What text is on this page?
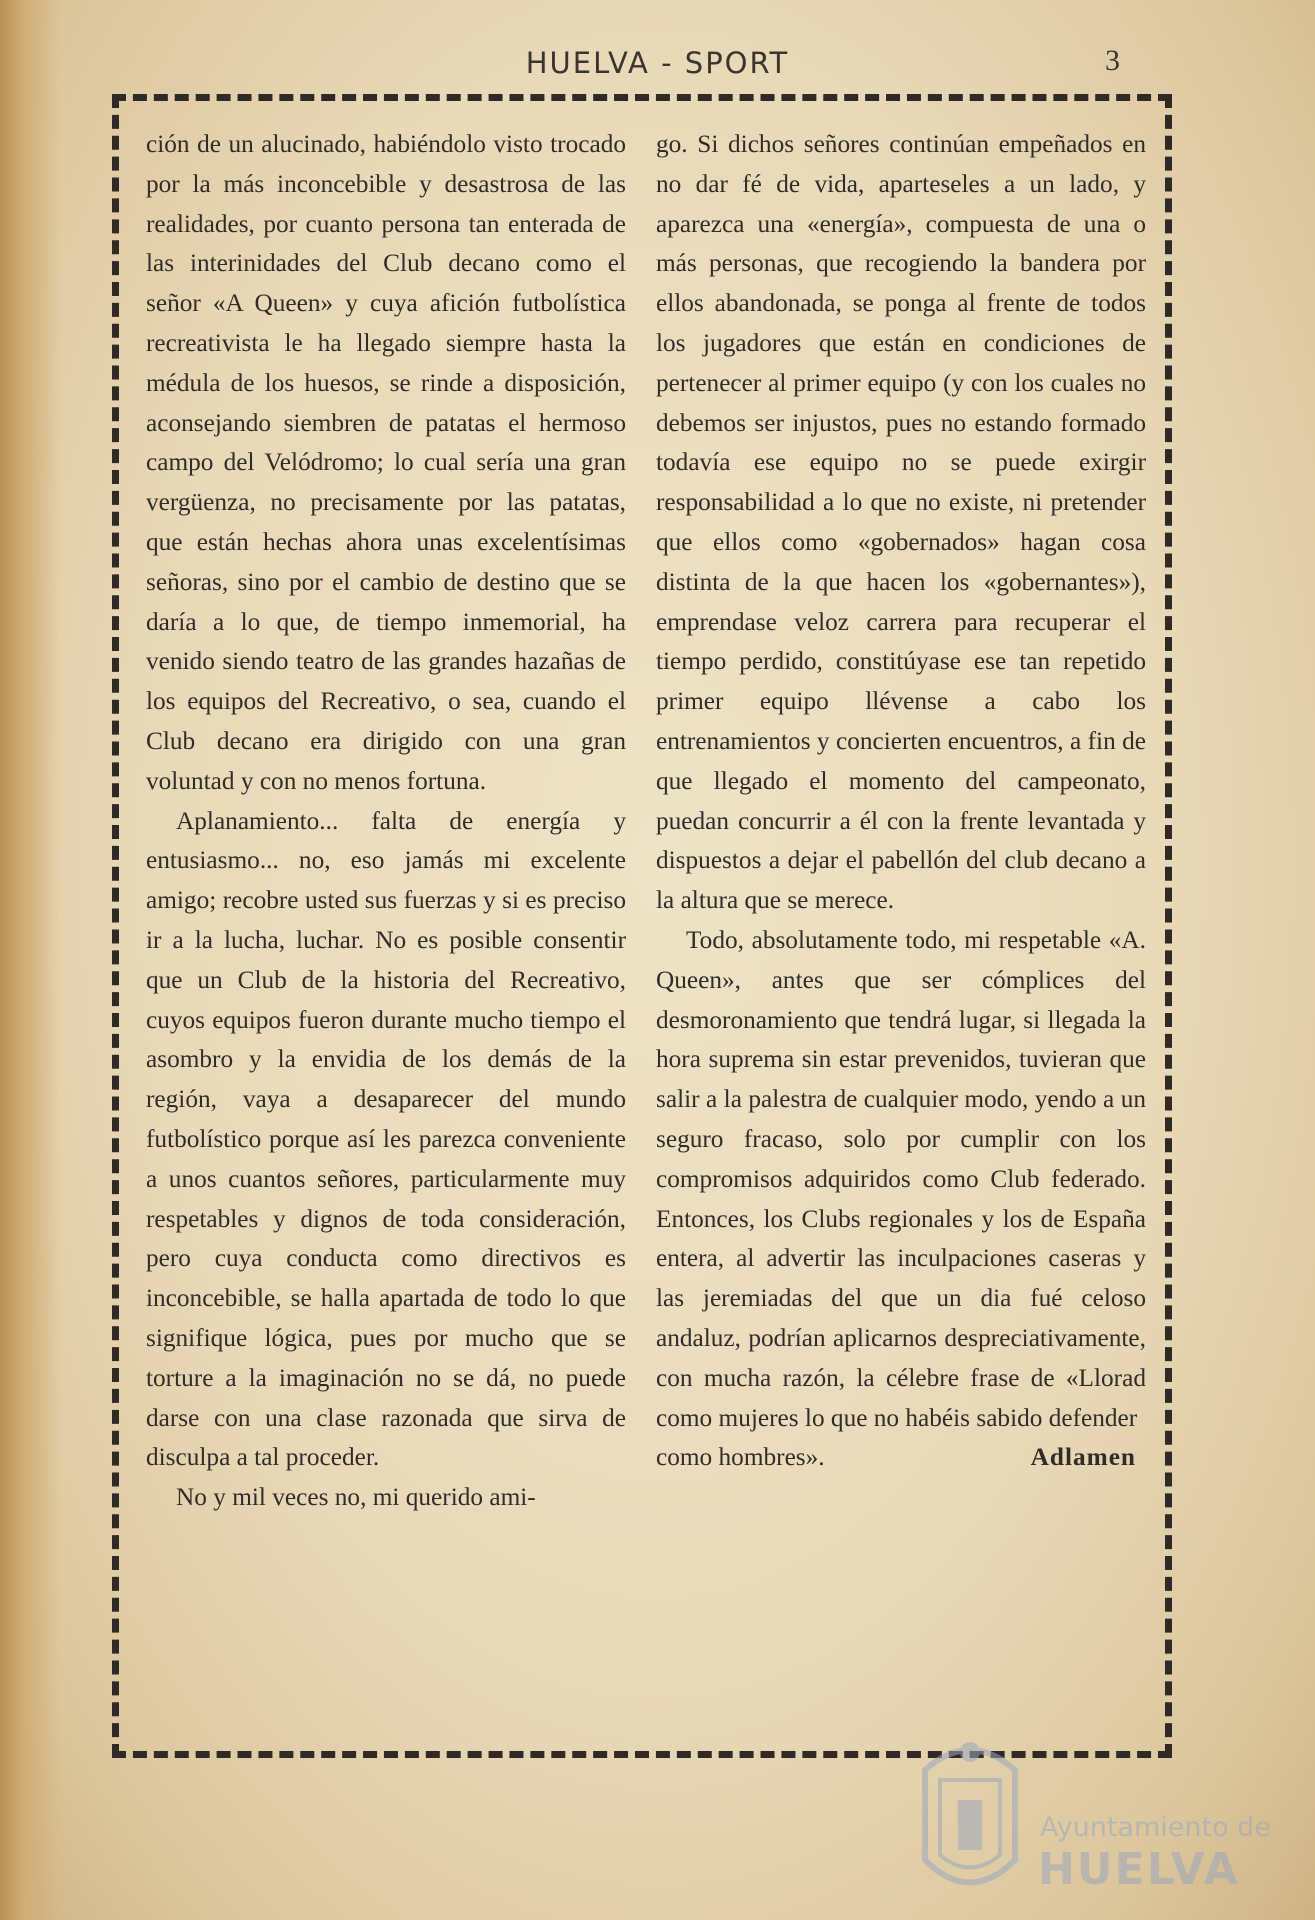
HUELVA - SPORT	3

ción de un alucinado, habiéndolo visto trocado por la más inconcebible y desastrosa de las realidades, por cuanto persona tan enterada de las interinidades del Club decano como el señor «A Queen» y cuya afición futbolística recreativista le ha llegado siempre hasta la médula de los huesos, se rinde a disposición, aconsejando siembren de patatas el hermoso campo del Velódromo; lo cual sería una gran vergüenza, no precisamente por las patatas, que están hechas ahora unas excelentísimas señoras, sino por el cambio de destino que se daría a lo que, de tiempo inmemorial, ha venido siendo teatro de las grandes hazañas de los equipos del Recreativo, o sea, cuando el Club decano era dirigido con una gran voluntad y con no menos fortuna.

Aplanamiento... falta de energía y entusiasmo... no, eso jamás mi excelente amigo; recobre usted sus fuerzas y si es preciso ir a la lucha, luchar. No es posible consentir que un Club de la historia del Recreativo, cuyos equipos fueron durante mucho tiempo el asombro y la envidia de los demás de la región, vaya a desaparecer del mundo futbolístico porque así les parezca conveniente a unos cuantos señores, particularmente muy respetables y dignos de toda consideración, pero cuya conducta como directivos es inconcebible, se halla apartada de todo lo que signifique lógica, pues por mucho que se torture a la imaginación no se dá, no puede darse con una clase razonada que sirva de disculpa a tal proceder.

No y mil veces no, mi querido ami-

go. Si dichos señores continúan empeñados en no dar fé de vida, aparteseles a un lado, y aparezca una «energía», compuesta de una o más personas, que recogiendo la bandera por ellos abandonada, se ponga al frente de todos los jugadores que están en condiciones de pertenecer al primer equipo (y con los cuales no debemos ser injustos, pues no estando formado todavía ese equipo no se puede exirgir responsabilidad a lo que no existe, ni pretender que ellos como «gobernados» hagan cosa distinta de la que hacen los «gobernantes»), emprendase veloz carrera para recuperar el tiempo perdido, constitúyase ese tan repetido primer equipo llévense a cabo los entrenamientos y concierten encuentros, a fin de que llegado el momento del campeonato, puedan concurrir a él con la frente levantada y dispuestos a dejar el pabellón del club decano a la altura que se merece.

Todo, absolutamente todo, mi respetable «A. Queen», antes que ser cómplices del desmoronamiento que tendrá lugar, si llegada la hora suprema sin estar prevenidos, tuvieran que salir a la palestra de cualquier modo, yendo a un seguro fracaso, solo por cumplir con los compromisos adquiridos como Club federado. Entonces, los Clubs regionales y los de España entera, al advertir las inculpaciones caseras y las jeremiadas del que un dia fué celoso andaluz, podrían aplicarnos despreciativamente, con mucha razón, la célebre frase de «Llorad como mujeres lo que no habéis sabido defender

como hombres».	Adlamen
Ayuntamiento de
HUELVA
